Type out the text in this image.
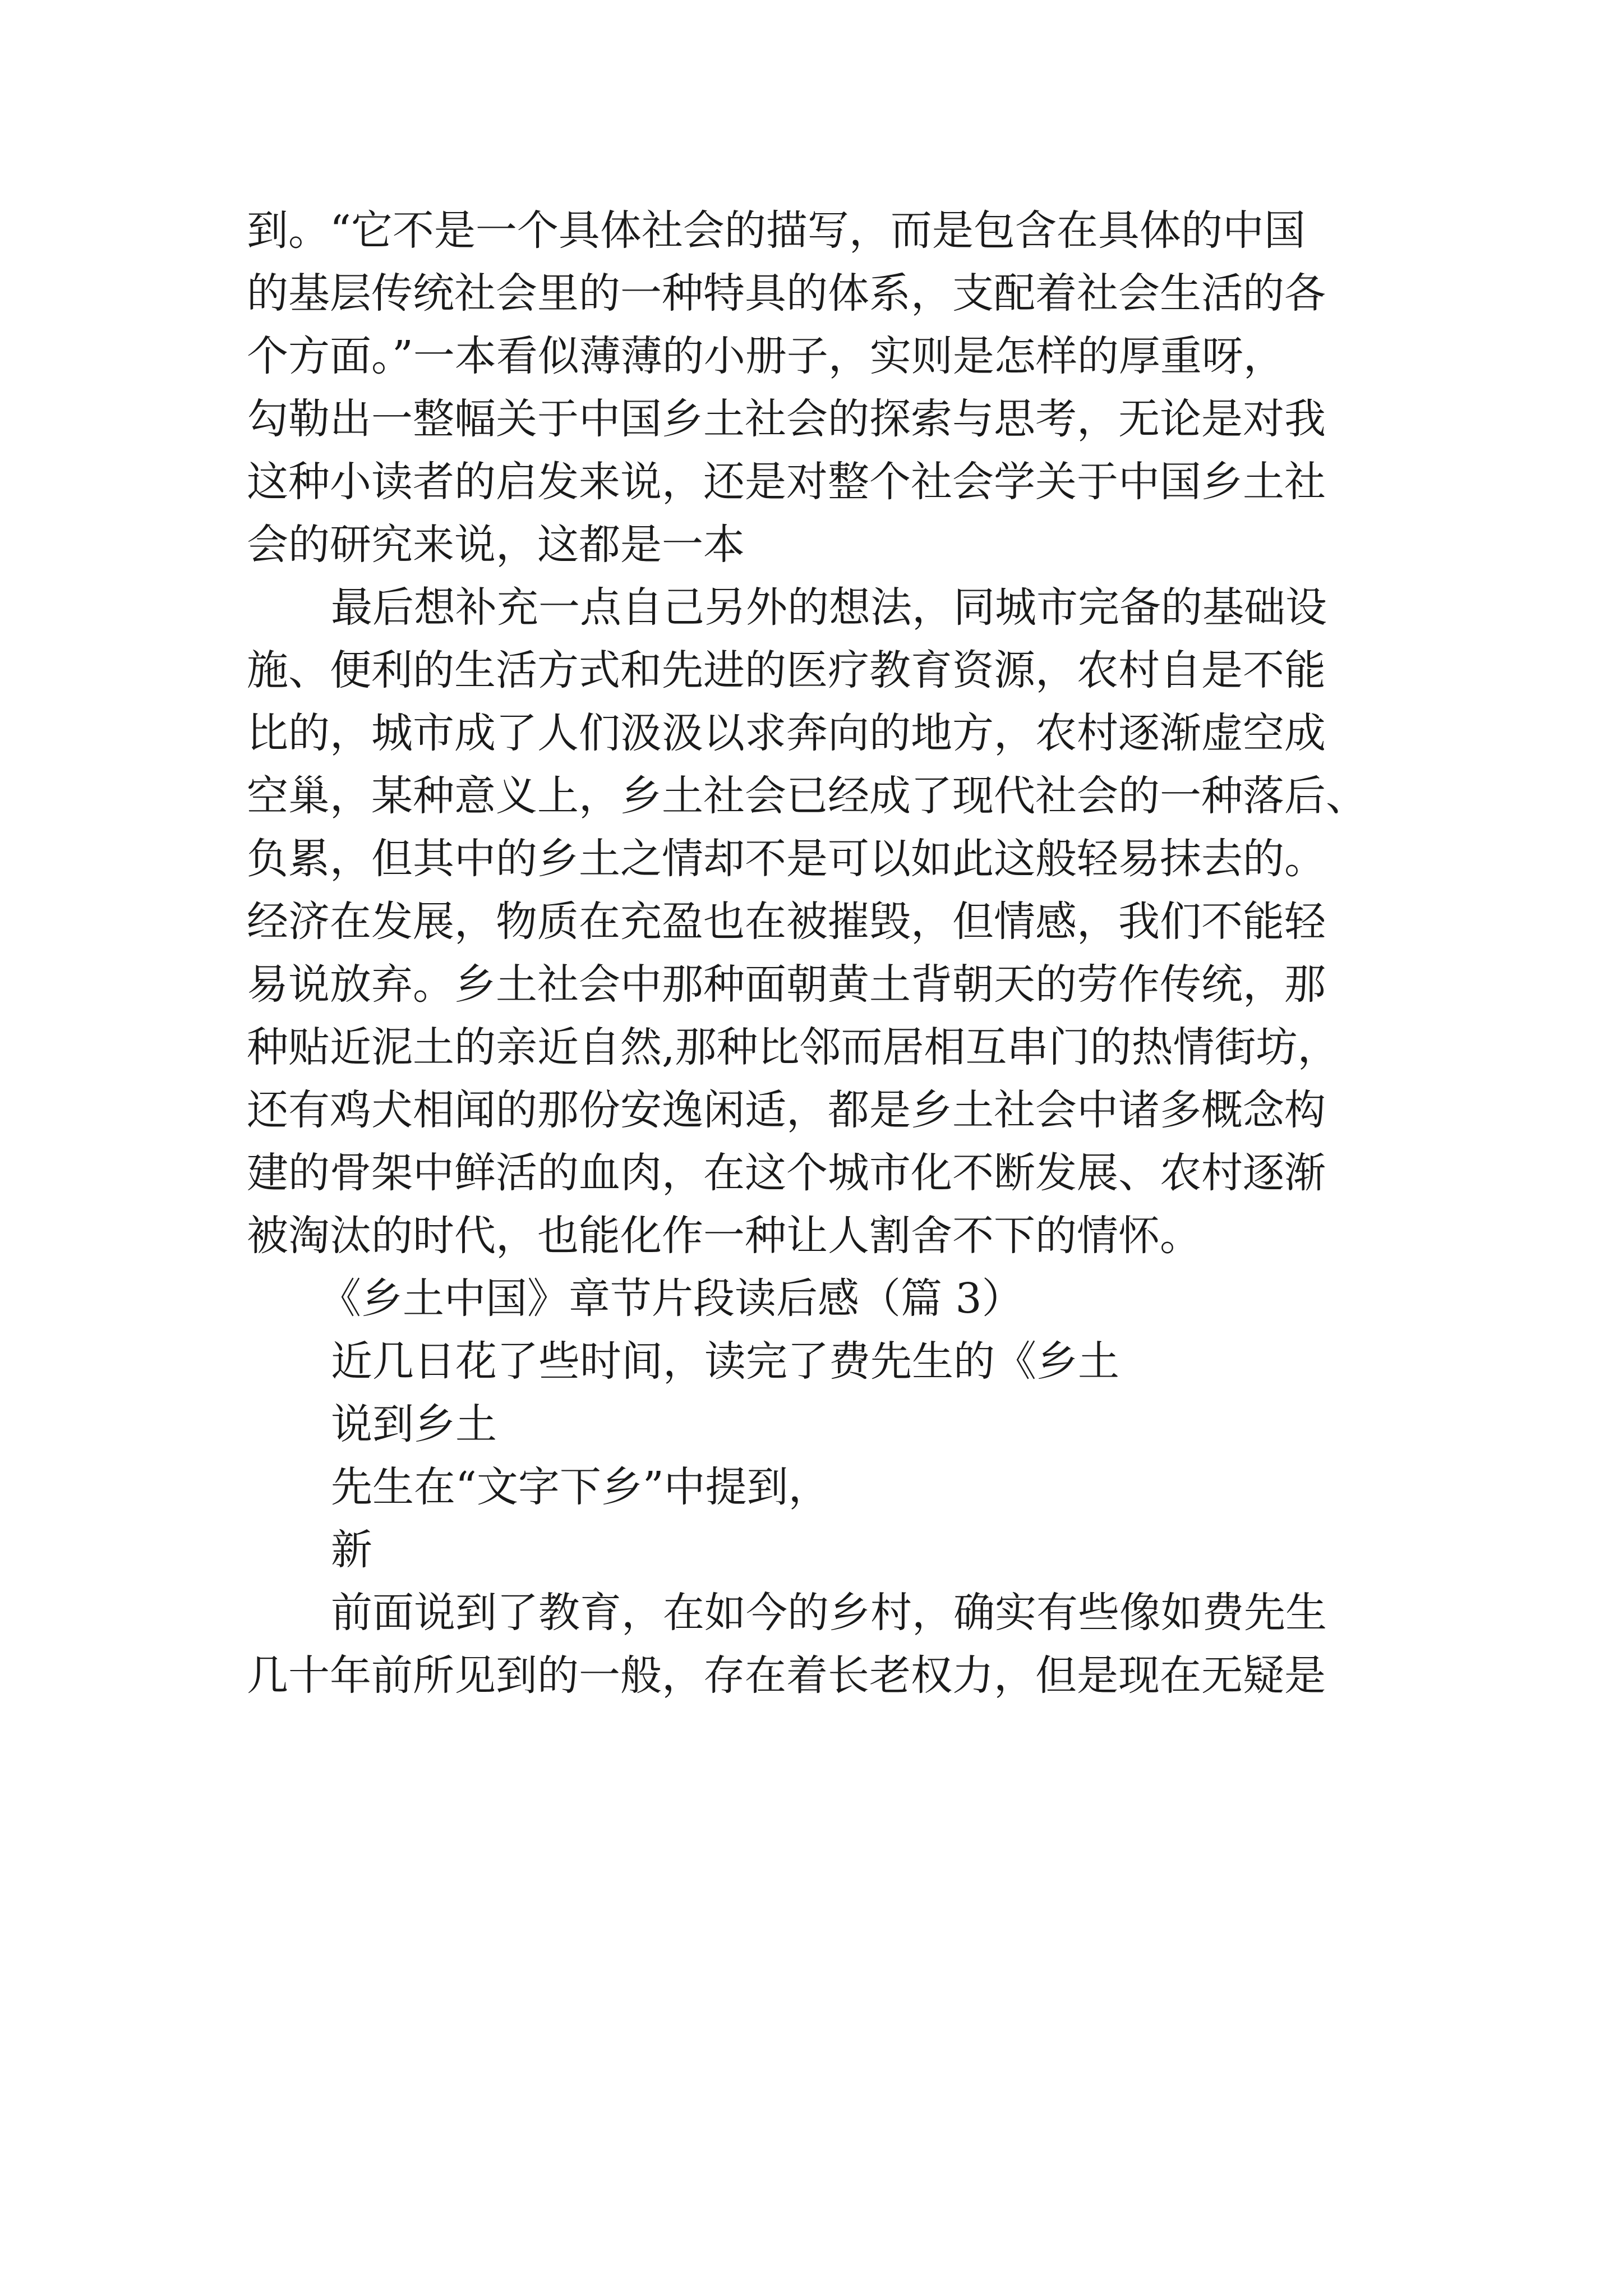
到。“它不是一个具体社会的描写，而是包含在具体的中国
的基层传统社会里的一种特具的体系，支配着社会生活的各
个方面。”一本看似薄薄的小册子，实则是怎样的厚重呀，
勾勒出一整幅关于中国乡土社会的探索与思考，无论是对我
这种小读者的启发来说，还是对整个社会学关于中国乡土社
会的研究来说，这都是一本
最后想补充一点自己另外的想法，同城市完备的基础设
施、便利的生活方式和先进的医疗教育资源，农村自是不能
比的，城市成了人们汲汲以求奔向的地方，农村逐渐虚空成
空巢，某种意义上，乡土社会已经成了现代社会的一种落后、
负累，但其中的乡土之情却不是可以如此这般轻易抹去的。
经济在发展，物质在充盈也在被摧毁，但情感，我们不能轻
易说放弃。乡土社会中那种面朝黄土背朝天的劳作传统，那
种贴近泥土的亲近自然,那种比邻而居相互串门的热情街坊，
还有鸡犬相闻的那份安逸闲适，都是乡土社会中诸多概念构
建的骨架中鲜活的血肉，在这个城市化不断发展、农村逐渐
被淘汰的时代，也能化作一种让人割舍不下的情怀。
《乡土中国》章节片段读后感（篇 3）
近几日花了些时间，读完了费先生的《乡土
说到乡土
先生在“文字下乡”中提到，
新
前面说到了教育，在如今的乡村，确实有些像如费先生
几十年前所见到的一般，存在着长老权力，但是现在无疑是
